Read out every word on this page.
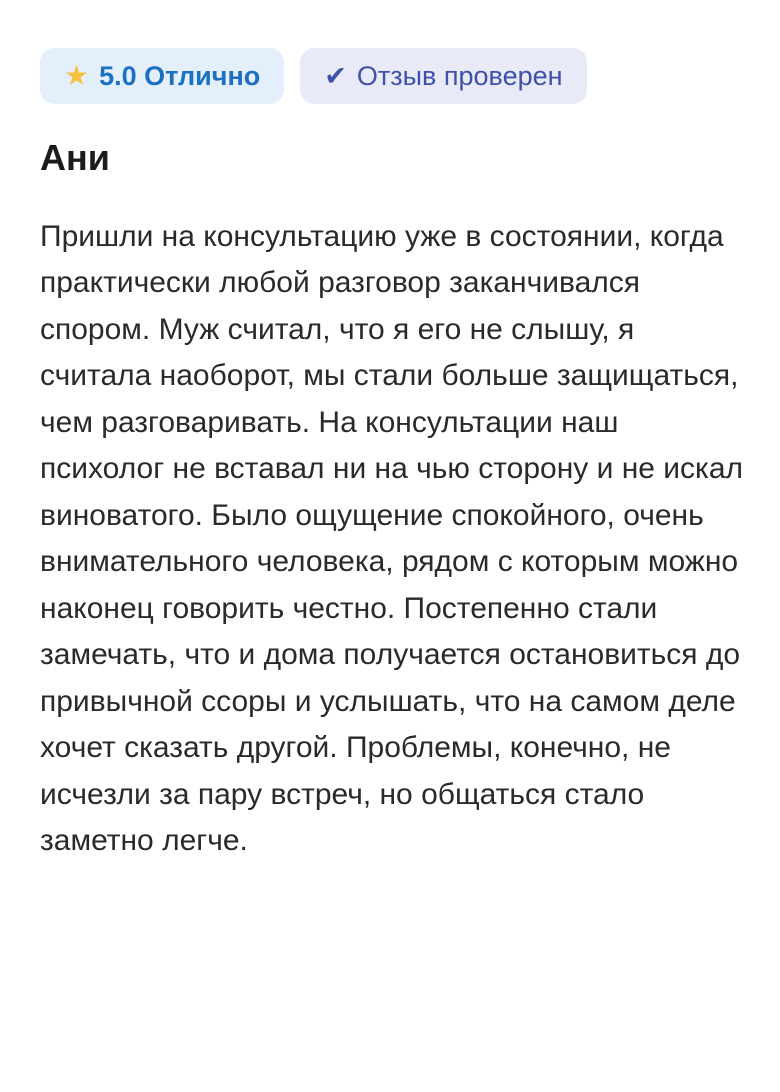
★ 5.0 Отлично ✔ Отзыв проверен
Ани

Пришли на консультацию уже в состоянии, когда практически любой разговор заканчивался спором. Муж считал, что я его не слышу, я считала наоборот, мы стали больше защищаться, чем разговаривать. На консультации наш психолог не вставал ни на чью сторону и не искал виноватого. Было ощущение спокойного, очень внимательного человека, рядом с которым можно наконец говорить честно. Постепенно стали замечать, что и дома получается остановиться до привычной ссоры и услышать, что на самом деле хочет сказать другой. Проблемы, конечно, не исчезли за пару встреч, но общаться стало заметно легче.
